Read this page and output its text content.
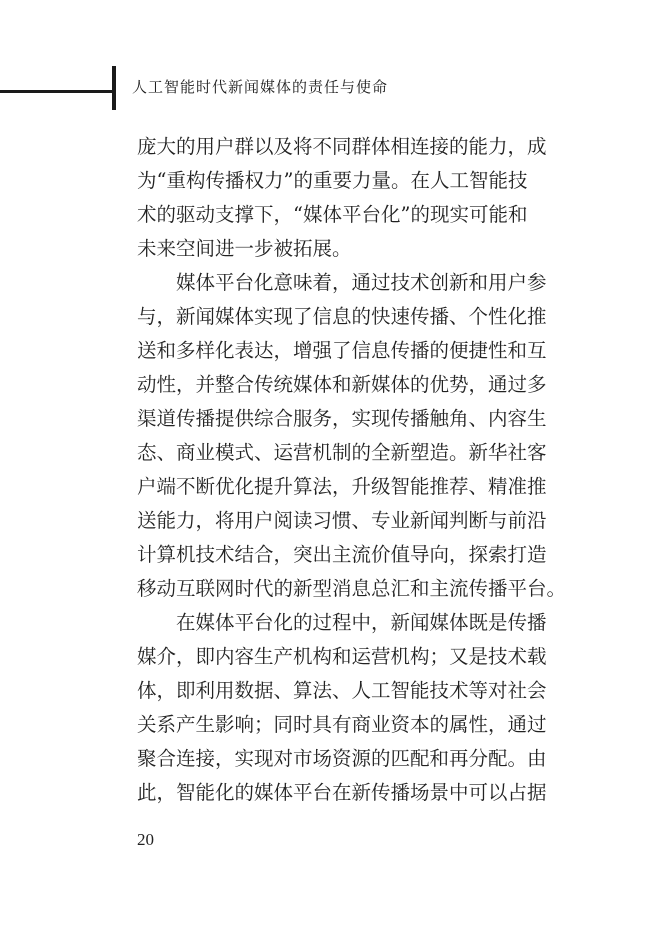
人工智能时代新闻媒体的责任与使命
庞大的用户群以及将不同群体相连接的能力，成
为“重构传播权力”的重要力量。在人工智能技
术的驱动支撑下，“媒体平台化”的现实可能和
未来空间进一步被拓展。
　　媒体平台化意味着，通过技术创新和用户参
与，新闻媒体实现了信息的快速传播、个性化推
送和多样化表达，增强了信息传播的便捷性和互
动性，并整合传统媒体和新媒体的优势，通过多
渠道传播提供综合服务，实现传播触角、内容生
态、商业模式、运营机制的全新塑造。新华社客
户端不断优化提升算法，升级智能推荐、精准推
送能力，将用户阅读习惯、专业新闻判断与前沿
计算机技术结合，突出主流价值导向，探索打造
移动互联网时代的新型消息总汇和主流传播平台。
　　在媒体平台化的过程中，新闻媒体既是传播
媒介，即内容生产机构和运营机构；又是技术载
体，即利用数据、算法、人工智能技术等对社会
关系产生影响；同时具有商业资本的属性，通过
聚合连接，实现对市场资源的匹配和再分配。由
此，智能化的媒体平台在新传播场景中可以占据
20
